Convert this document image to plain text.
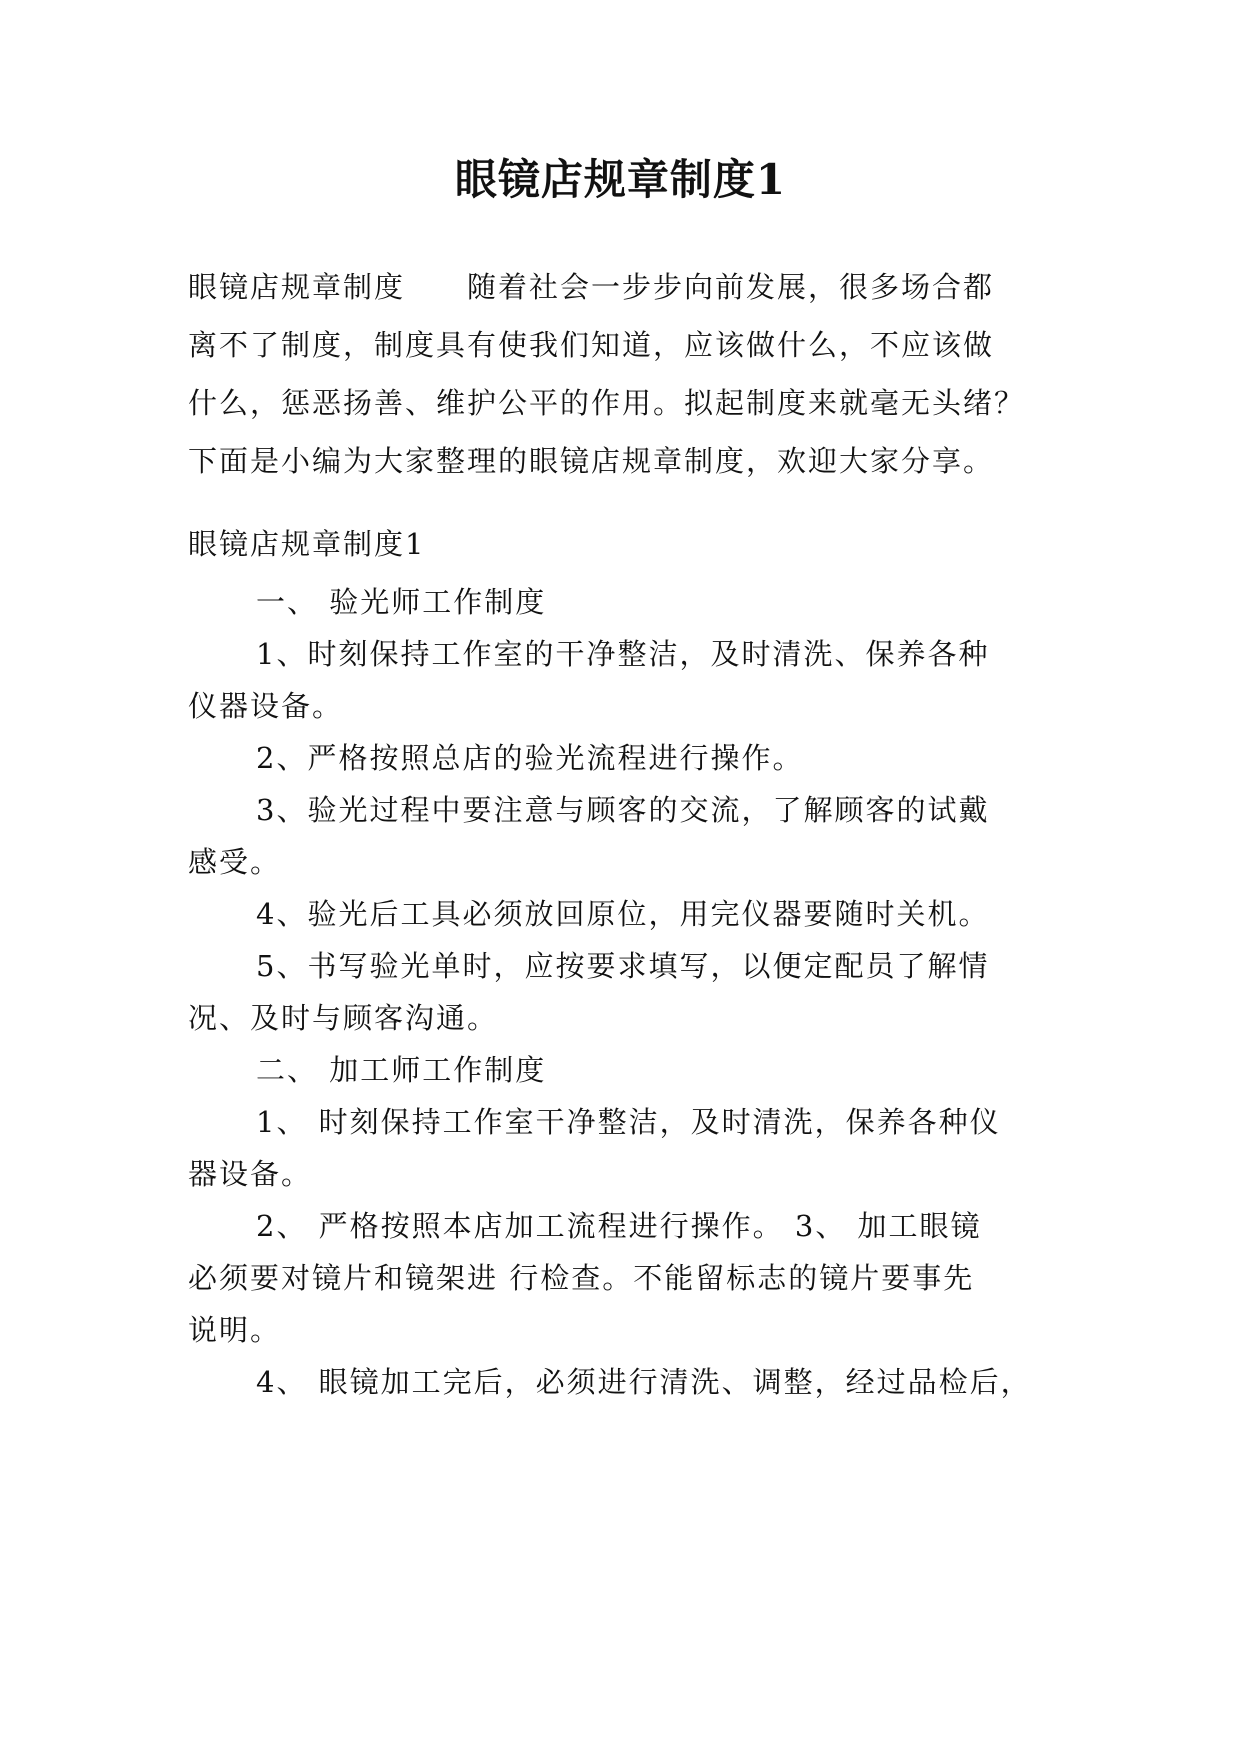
眼镜店规章制度1
眼镜店规章制度　　随着社会一步步向前发展，很多场合都
离不了制度，制度具有使我们知道，应该做什么，不应该做
什么，惩恶扬善、维护公平的作用。拟起制度来就毫无头绪？
下面是小编为大家整理的眼镜店规章制度，欢迎大家分享。
眼镜店规章制度1
一、 验光师工作制度
1、时刻保持工作室的干净整洁，及时清洗、保养各种
仪器设备。
2、严格按照总店的验光流程进行操作。
3、验光过程中要注意与顾客的交流，了解顾客的试戴
感受。
4、验光后工具必须放回原位，用完仪器要随时关机。
5、书写验光单时，应按要求填写，以便定配员了解情
况、及时与顾客沟通。
二、 加工师工作制度
1、 时刻保持工作室干净整洁，及时清洗，保养各种仪
器设备。
2、 严格按照本店加工流程进行操作。 3、 加工眼镜
必须要对镜片和镜架进 行检查。不能留标志的镜片要事先
说明。
4、 眼镜加工完后，必须进行清洗、调整，经过品检后，
